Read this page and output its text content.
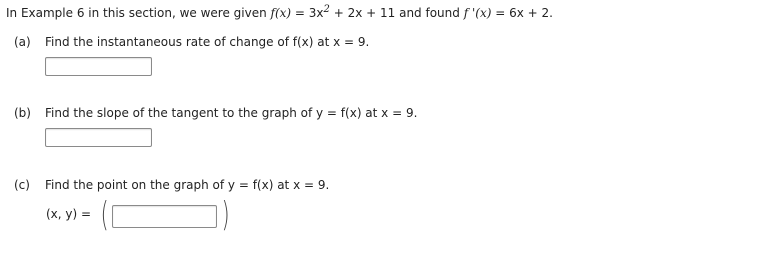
In Example 6 in this section, we were given $f(x) = 3x^2 + 2x + 11$ and found f '(x) = 6x + 2.
(a) Find the instantaneous rate of change of f(x) at x = 9.
(b) Find the slope of the tangent to the graph of y = f(x) at x = 9.
(c) Find the point on the graph of y = f(x) at x = 9.
(x, y) = (	)
